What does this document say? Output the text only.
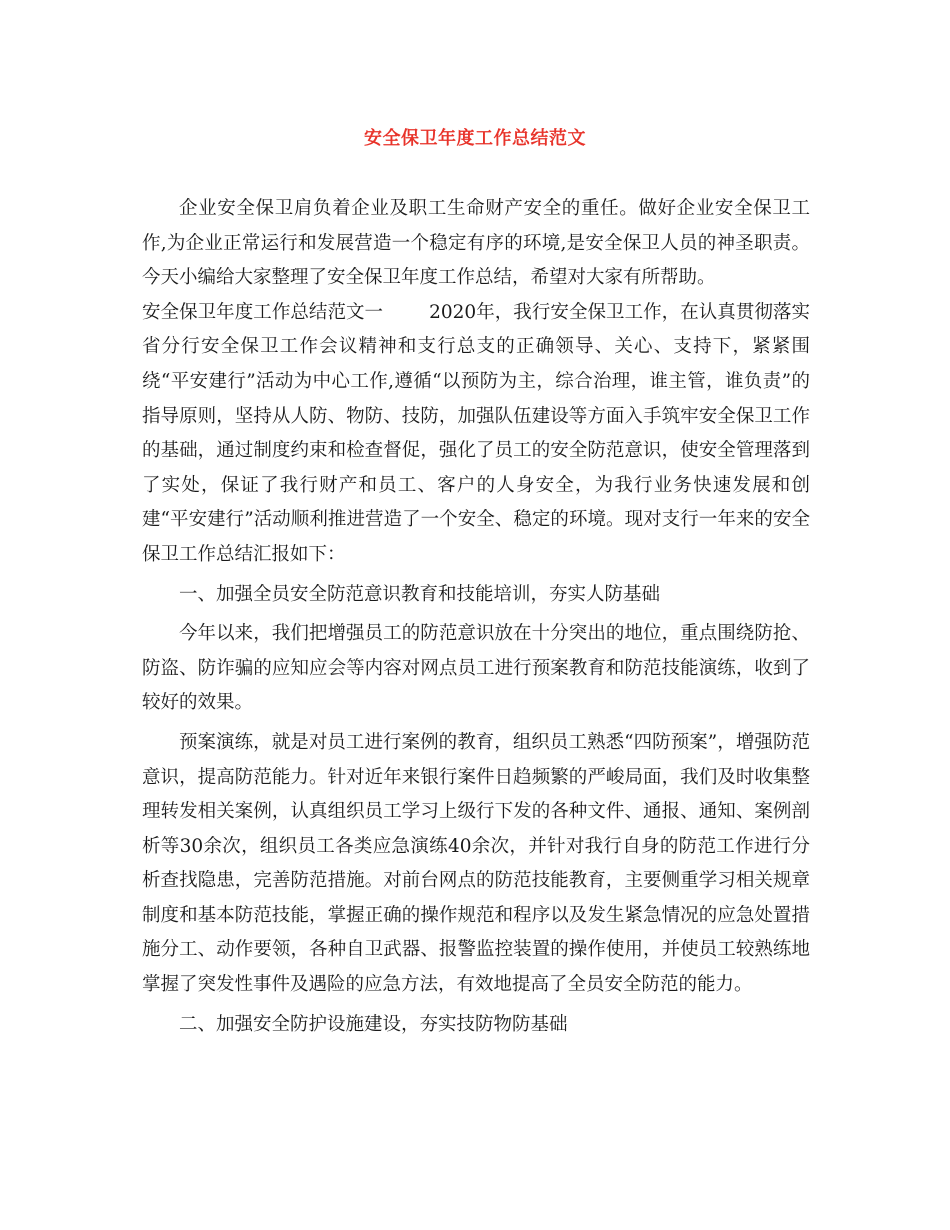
安全保卫年度工作总结范文

企业安全保卫肩负着企业及职工生命财产安全的重任。做好企业安全保卫工作,为企业正常运行和发展营造一个稳定有序的环境,是安全保卫人员的神圣职责。今天小编给大家整理了安全保卫年度工作总结，希望对大家有所帮助。

安全保卫年度工作总结范文一 2020年，我行安全保卫工作，在认真贯彻落实省分行安全保卫工作会议精神和支行总支的正确领导、关心、支持下，紧紧围绕“平安建行”活动为中心工作,遵循“以预防为主，综合治理，谁主管，谁负责”的指导原则，坚持从人防、物防、技防，加强队伍建设等方面入手筑牢安全保卫工作的基础，通过制度约束和检查督促，强化了员工的安全防范意识，使安全管理落到了实处，保证了我行财产和员工、客户的人身安全，为我行业务快速发展和创建“平安建行”活动顺利推进营造了一个安全、稳定的环境。现对支行一年来的安全保卫工作总结汇报如下：

一、加强全员安全防范意识教育和技能培训，夯实人防基础

今年以来，我们把增强员工的防范意识放在十分突出的地位，重点围绕防抢、防盗、防诈骗的应知应会等内容对网点员工进行预案教育和防范技能演练，收到了较好的效果。

预案演练，就是对员工进行案例的教育，组织员工熟悉“四防预案”，增强防范意识，提高防范能力。针对近年来银行案件日趋频繁的严峻局面，我们及时收集整理转发相关案例，认真组织员工学习上级行下发的各种文件、通报、通知、案例剖析等30余次，组织员工各类应急演练40余次，并针对我行自身的防范工作进行分析查找隐患，完善防范措施。对前台网点的防范技能教育，主要侧重学习相关规章制度和基本防范技能，掌握正确的操作规范和程序以及发生紧急情况的应急处置措施分工、动作要领，各种自卫武器、报警监控装置的操作使用，并使员工较熟练地掌握了突发性事件及遇险的应急方法，有效地提高了全员安全防范的能力。

二、加强安全防护设施建设，夯实技防物防基础
